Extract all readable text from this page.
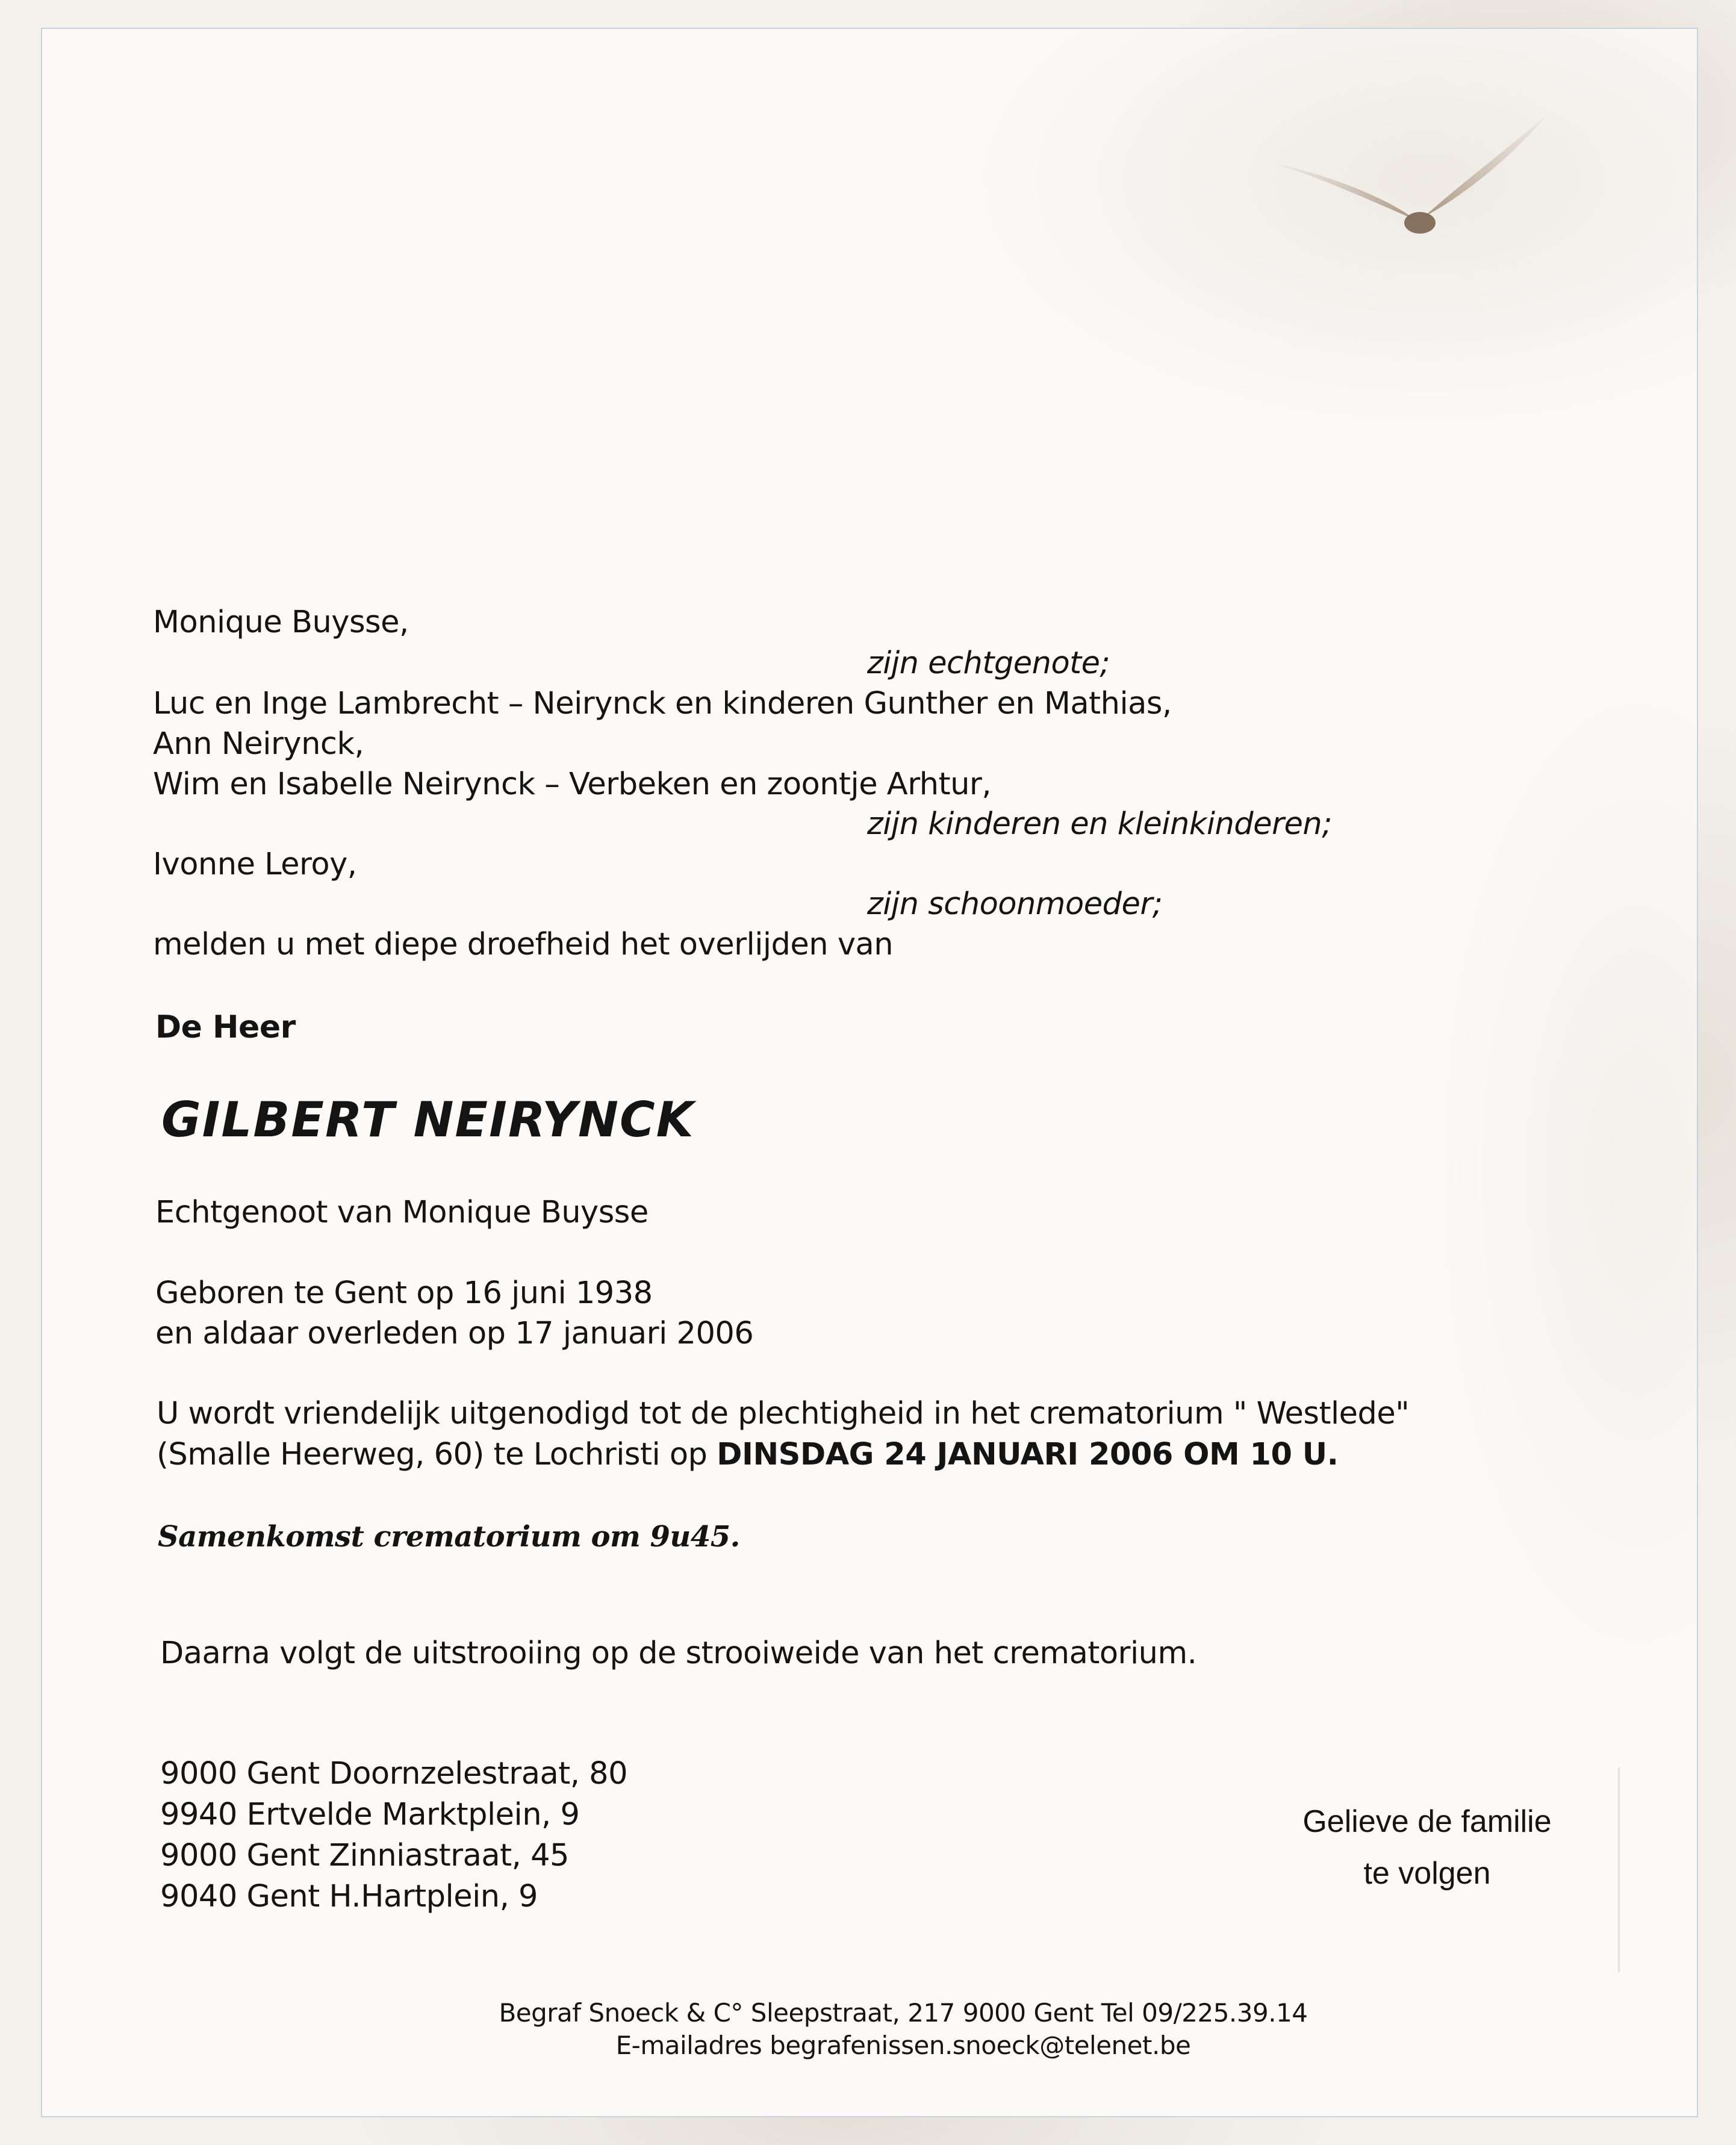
Monique Buysse,

zijn echtgenote;

Luc en Inge Lambrecht – Neirynck en kinderen Gunther en Mathias,

Ann Neirynck,

Wim en Isabelle Neirynck – Verbeken en zoontje Arhtur,

zijn kinderen en kleinkinderen;

Ivonne Leroy,

zijn schoonmoeder;

melden u met diepe droefheid het overlijden van

De Heer

GILBERT NEIRYNCK

Echtgenoot van Monique Buysse

Geboren te Gent op 16 juni 1938

en aldaar overleden op 17 januari 2006

U wordt vriendelijk uitgenodigd tot de plechtigheid in het crematorium " Westlede"

(Smalle Heerweg, 60) te Lochristi op DINSDAG 24 JANUARI 2006 OM 10 U.

Samenkomst crematorium om 9u45.

Daarna volgt de uitstrooiing op de strooiweide van het crematorium.

9000 Gent Doornzelestraat, 80

9940 Ertvelde Marktplein, 9

9000 Gent Zinniastraat, 45

9040 Gent H.Hartplein, 9

Gelieve de familie
te volgen
Begraf Snoeck & C° Sleepstraat, 217 9000 Gent Tel 09/225.39.14
E-mailadres begrafenissen.snoeck@telenet.be
